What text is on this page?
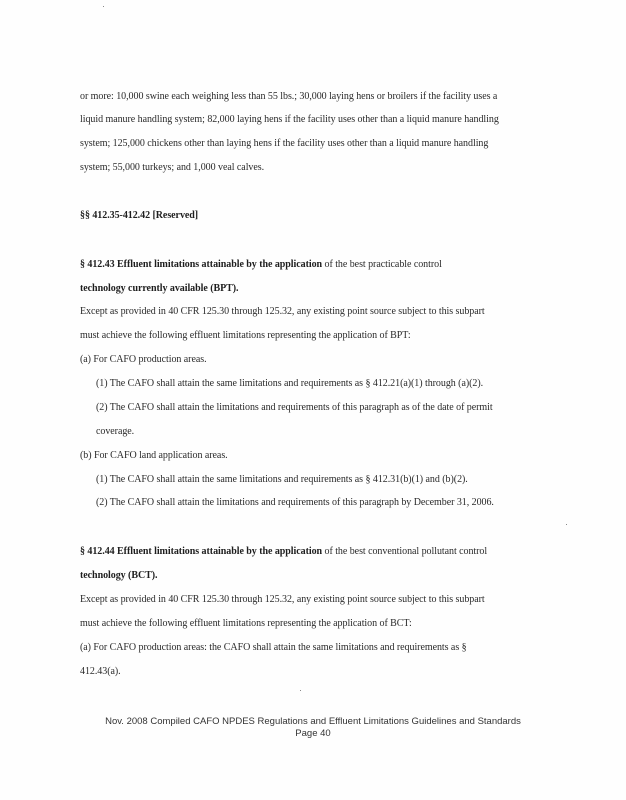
or more: 10,000 swine each weighing less than 55 lbs.; 30,000 laying hens or broilers if the facility uses a
liquid manure handling system; 82,000 laying hens if the facility uses other than a liquid manure handling
system; 125,000 chickens other than laying hens if the facility uses other than a liquid manure handling
system; 55,000 turkeys; and 1,000 veal calves.
§§ 412.35-412.42 [Reserved]
§ 412.43 Effluent limitations attainable by the application of the best practicable control
technology currently available (BPT).
Except as provided in 40 CFR 125.30 through 125.32, any existing point source subject to this subpart
must achieve the following effluent limitations representing the application of BPT:
(a) For CAFO production areas.
(1) The CAFO shall attain the same limitations and requirements as § 412.21(a)(1) through (a)(2).
(2) The CAFO shall attain the limitations and requirements of this paragraph as of the date of permit
coverage.
(b) For CAFO land application areas.
(1) The CAFO shall attain the same limitations and requirements as § 412.31(b)(1) and (b)(2).
(2) The CAFO shall attain the limitations and requirements of this paragraph by December 31, 2006.
§ 412.44 Effluent limitations attainable by the application of the best conventional pollutant control
technology (BCT).
Except as provided in 40 CFR 125.30 through 125.32, any existing point source subject to this subpart
must achieve the following effluent limitations representing the application of BCT:
(a) For CAFO production areas: the CAFO shall attain the same limitations and requirements as §
412.43(a).
Nov. 2008 Compiled CAFO NPDES Regulations and Effluent Limitations Guidelines and Standards
Page 40
